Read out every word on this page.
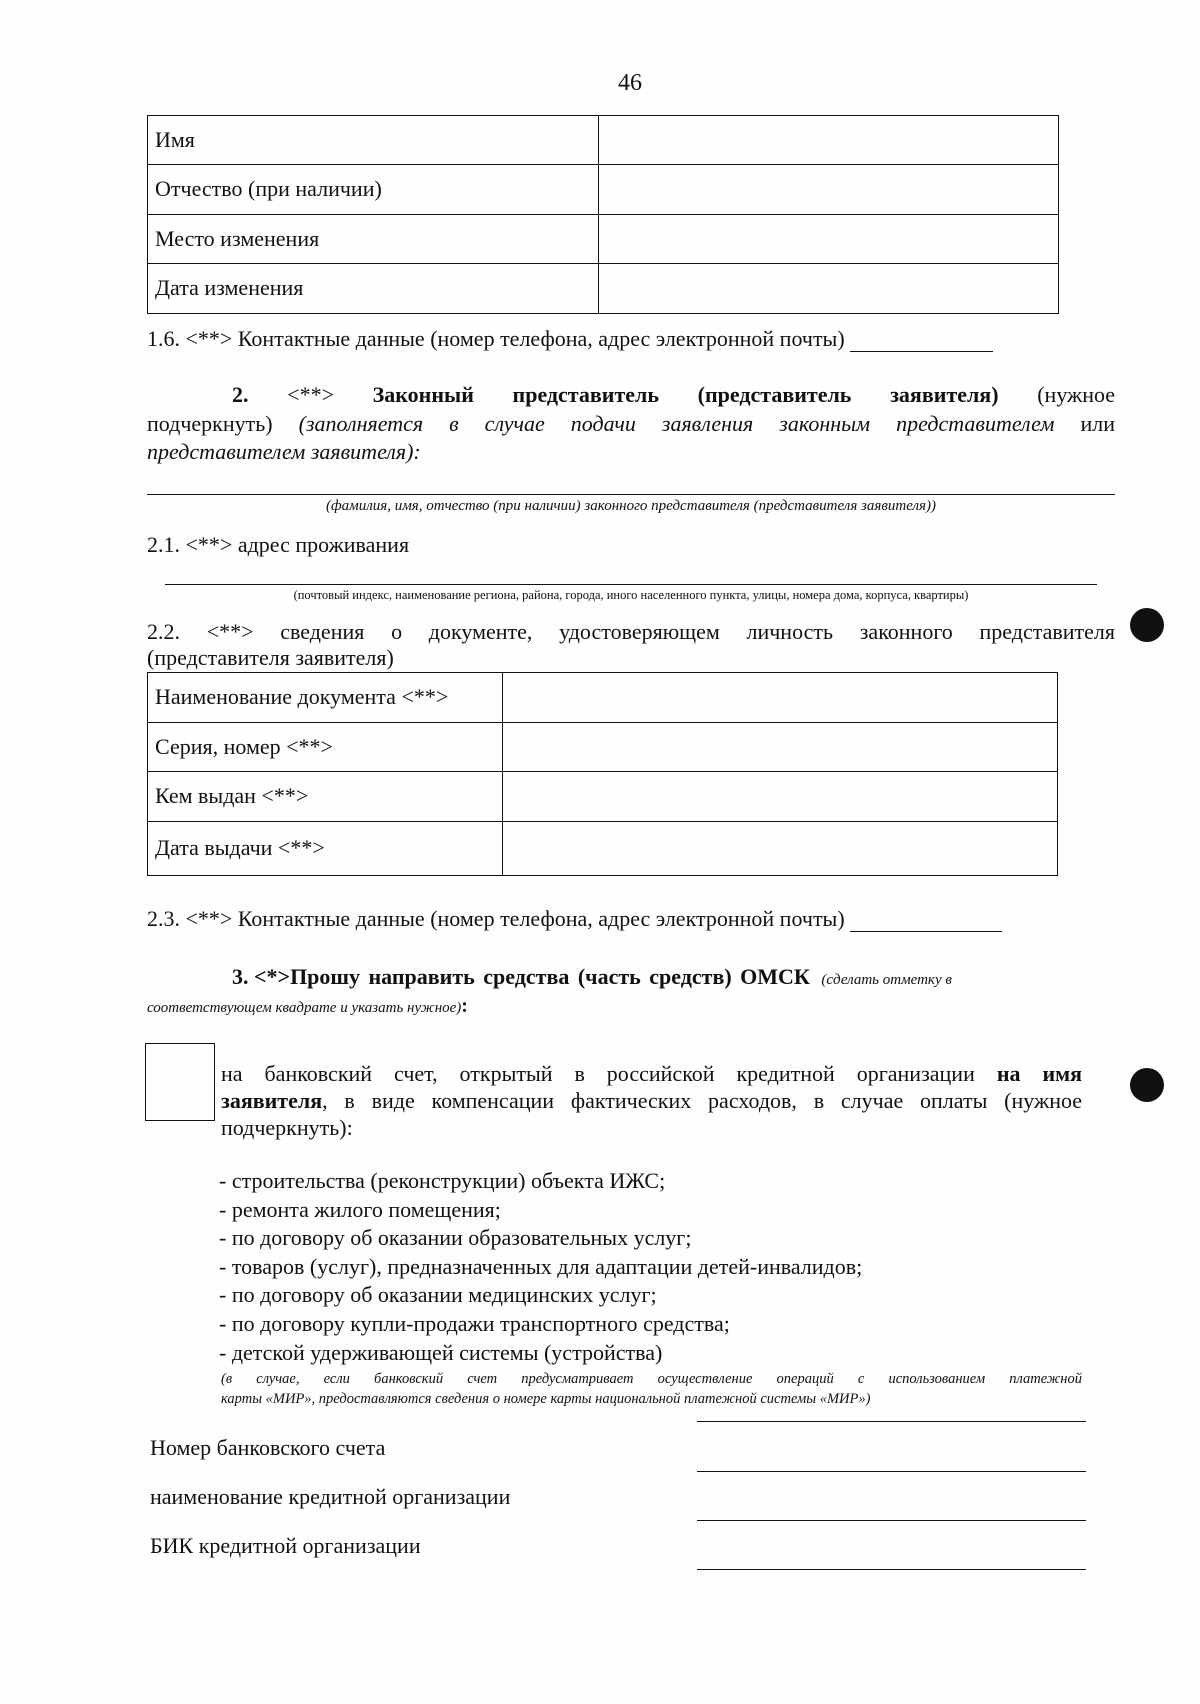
46
Имя	
Отчество (при наличии)	
Место изменения	
Дата изменения	
1.6. <**> Контактные данные (номер телефона, адрес электронной почты)
2. <**> Законный представитель (представитель заявителя) (нужное
подчеркнуть) (заполняется в случае подачи заявления законным представителем или
представителем заявителя):
(фамилия, имя, отчество (при наличии) законного представителя (представителя заявителя))
2.1. <**> адрес проживания
(почтовый индекс, наименование региона, района, города, иного населенного пункта, улицы, номера дома, корпуса, квартиры)
2.2. <**> сведения о документе, удостоверяющем личность законного представителя
(представителя заявителя)
Наименование документа <**>	
Серия, номер <**>	
Кем выдан <**>	
Дата выдачи <**>	
2.3. <**> Контактные данные (номер телефона, адрес электронной почты)
3. <*>Прошу направить средства (часть средств) ОМСК (сделать отметку в
соответствующем квадрате и указать нужное):
на банковский счет, открытый в российской кредитной организации на имя
заявителя, в виде компенсации фактических расходов, в случае оплаты (нужное
подчеркнуть):
- строительства (реконструкции) объекта ИЖС;
- ремонта жилого помещения;
- по договору об оказании образовательных услуг;
- товаров (услуг), предназначенных для адаптации детей-инвалидов;
- по договору об оказании медицинских услуг;
- по договору купли-продажи транспортного средства;
- детской удерживающей системы (устройства)
(в случае, если банковский счет предусматривает осуществление операций с использованием платежной
карты «МИР», предоставляются сведения о номере карты национальной платежной системы «МИР»)
Номер банковского счета
наименование кредитной организации
БИК кредитной организации
